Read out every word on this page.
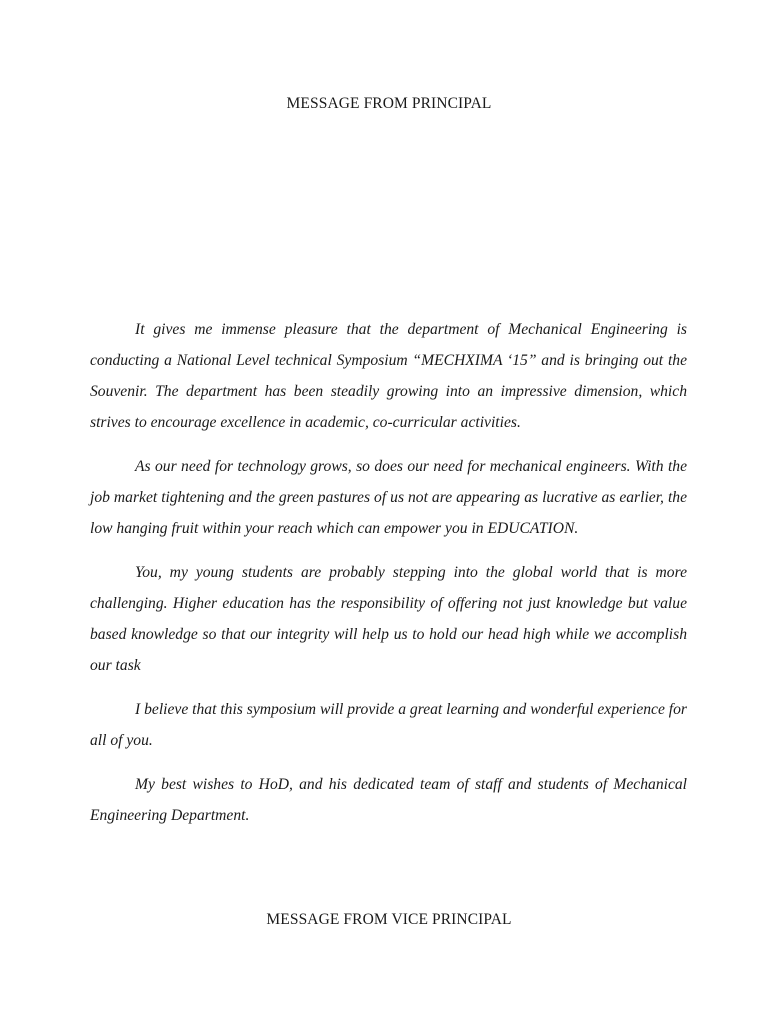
MESSAGE FROM PRINCIPAL

It gives me immense pleasure that the department of Mechanical Engineering is conducting a National Level technical Symposium “MECHXIMA ‘15” and is bringing out the Souvenir. The department has been steadily growing into an impressive dimension, which strives to encourage excellence in academic, co-curricular activities.

As our need for technology grows, so does our need for mechanical engineers. With the job market tightening and the green pastures of us not are appearing as lucrative as earlier, the low hanging fruit within your reach which can empower you in EDUCATION.

You, my young students are probably stepping into the global world that is more challenging. Higher education has the responsibility of offering not just knowledge but value based knowledge so that our integrity will help us to hold our head high while we accomplish our task

I believe that this symposium will provide a great learning and wonderful experience for all of you.

My best wishes to HoD, and his dedicated team of staff and students of Mechanical Engineering Department.

MESSAGE FROM VICE PRINCIPAL
